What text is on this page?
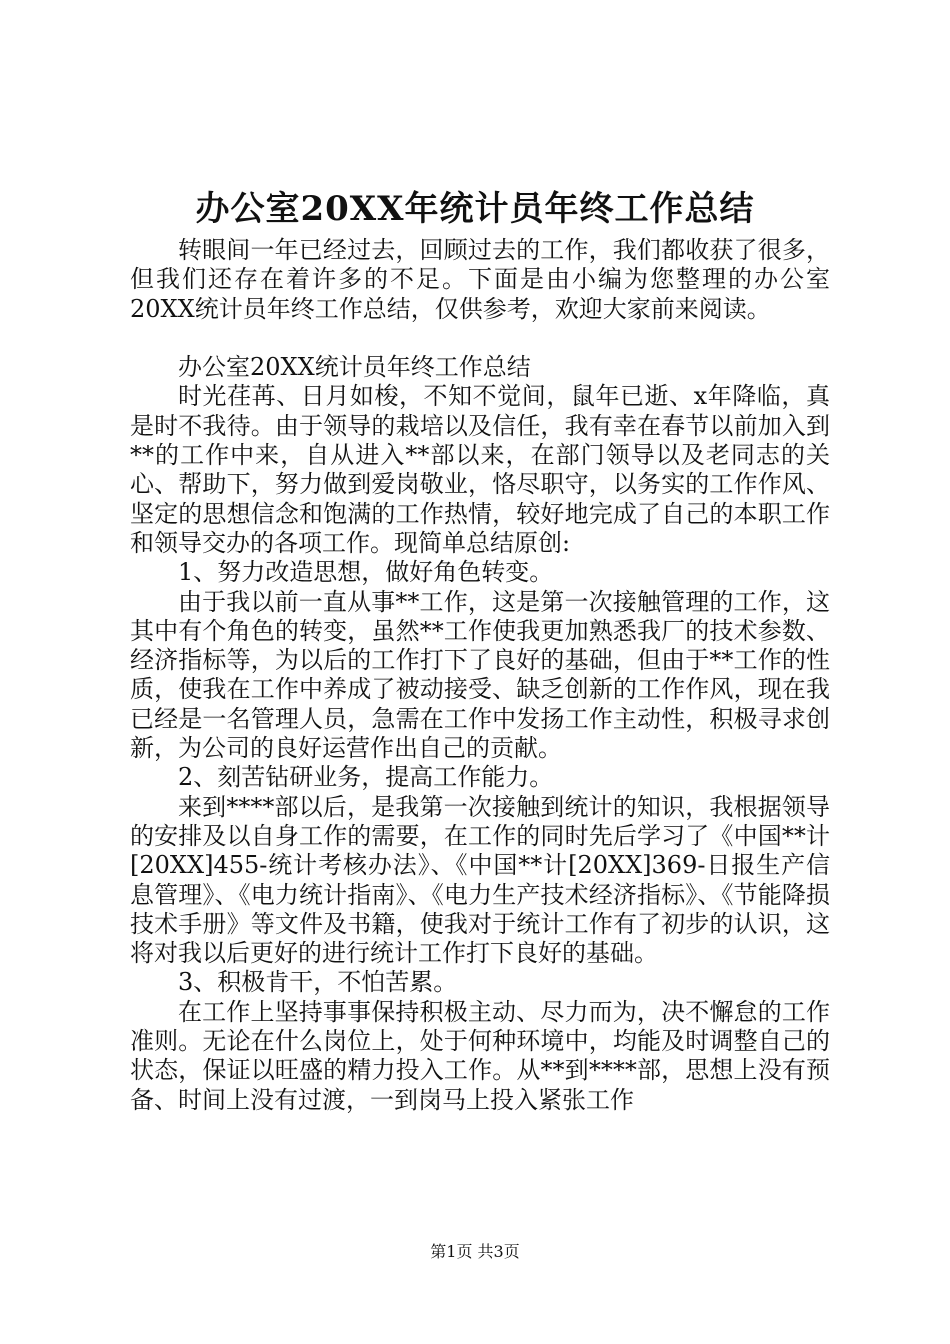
办公室20XX年统计员年终工作总结

转眼间一年已经过去，回顾过去的工作，我们都收获了很多，但我们还存在着许多的不足。下面是由小编为您整理的办公室20XX统计员年终工作总结，仅供参考，欢迎大家前来阅读。

办公室20XX统计员年终工作总结

时光荏苒、日月如梭，不知不觉间，鼠年已逝、x年降临，真是时不我待。由于领导的栽培以及信任，我有幸在春节以前加入到**的工作中来，自从进入**部以来，在部门领导以及老同志的关心、帮助下，努力做到爱岗敬业，恪尽职守，以务实的工作作风、坚定的思想信念和饱满的工作热情，较好地完成了自己的本职工作和领导交办的各项工作。现简单总结原创:

1、努力改造思想，做好角色转变。

由于我以前一直从事**工作，这是第一次接触管理的工作，这其中有个角色的转变，虽然**工作使我更加熟悉我厂的技术参数、经济指标等，为以后的工作打下了良好的基础，但由于**工作的性质，使我在工作中养成了被动接受、缺乏创新的工作作风，现在我已经是一名管理人员，急需在工作中发扬工作主动性，积极寻求创新，为公司的良好运营作出自己的贡献。

2、刻苦钻研业务，提高工作能力。

来到****部以后，是我第一次接触到统计的知识，我根据领导的安排及以自身工作的需要，在工作的同时先后学习了《中国**计[20XX]455-统计考核办法》、《中国**计[20XX]369-日报生产信息管理》、《电力统计指南》、《电力生产技术经济指标》、《节能降损技术手册》等文件及书籍，使我对于统计工作有了初步的认识，这将对我以后更好的进行统计工作打下良好的基础。

3、积极肯干，不怕苦累。

在工作上坚持事事保持积极主动、尽力而为，决不懈怠的工作准则。无论在什么岗位上，处于何种环境中，均能及时调整自己的状态，保证以旺盛的精力投入工作。从**到****部，思想上没有预备、时间上没有过渡，一到岗马上投入紧张工作

第1页 共3页
